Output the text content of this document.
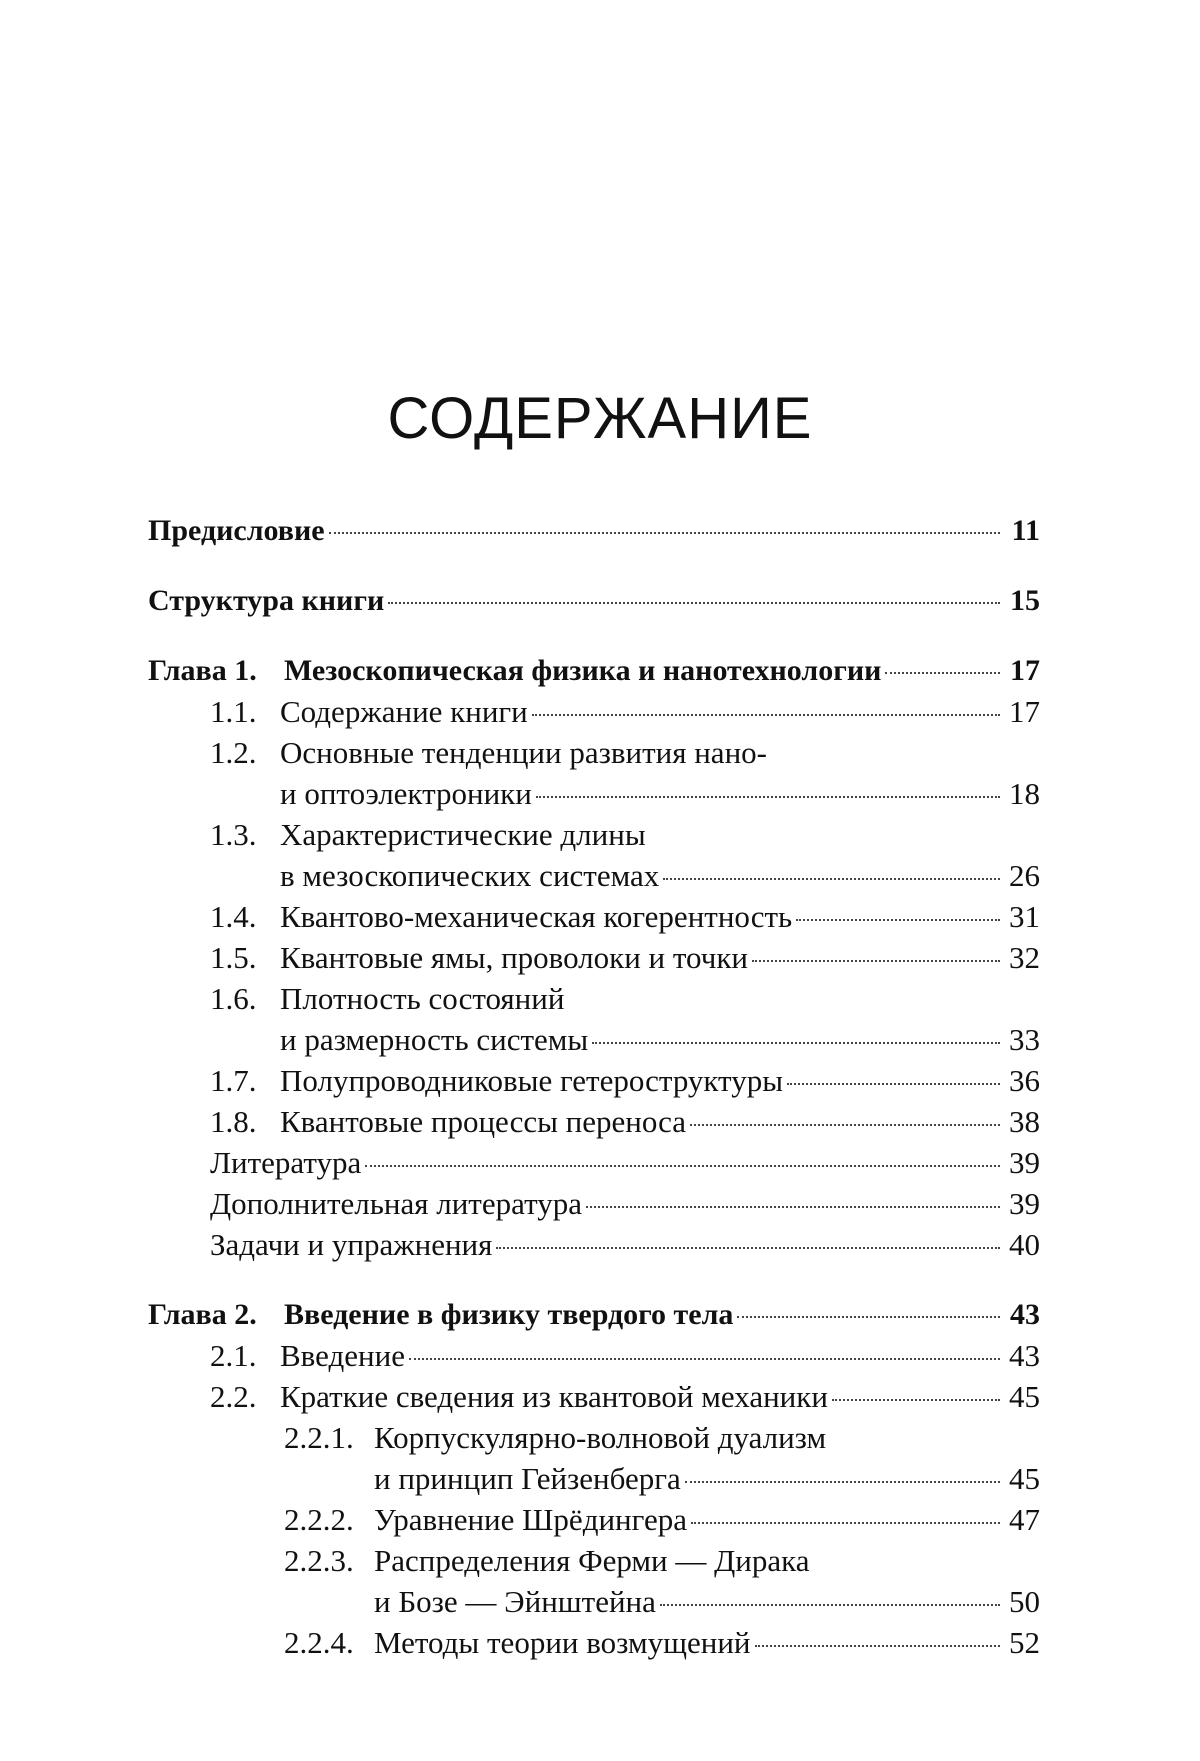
СОДЕРЖАНИЕ
Предисловие	11
Структура книги	15
Глава 1. Мезоскопическая физика и нанотехнологии	17
1.1. Содержание книги	17
1.2. Основные тенденции развития нано-
и оптоэлектроники	18
1.3. Характеристические длины
в мезоскопических системах	26
1.4. Квантово-механическая когерентность	31
1.5. Квантовые ямы, проволоки и точки	32
1.6. Плотность состояний
и размерность системы	33
1.7. Полупроводниковые гетероструктуры	36
1.8. Квантовые процессы переноса	38
Литература	39
Дополнительная литература	39
Задачи и упражнения	40
Глава 2. Введение в физику твердого тела	43
2.1. Введение	43
2.2. Краткие сведения из квантовой механики	45
2.2.1. Корпускулярно-волновой дуализм
и принцип Гейзенберга	45
2.2.2. Уравнение Шрёдингера	47
2.2.3. Распределения Ферми — Дирака
и Бозе — Эйнштейна	50
2.2.4. Методы теории возмущений	52
